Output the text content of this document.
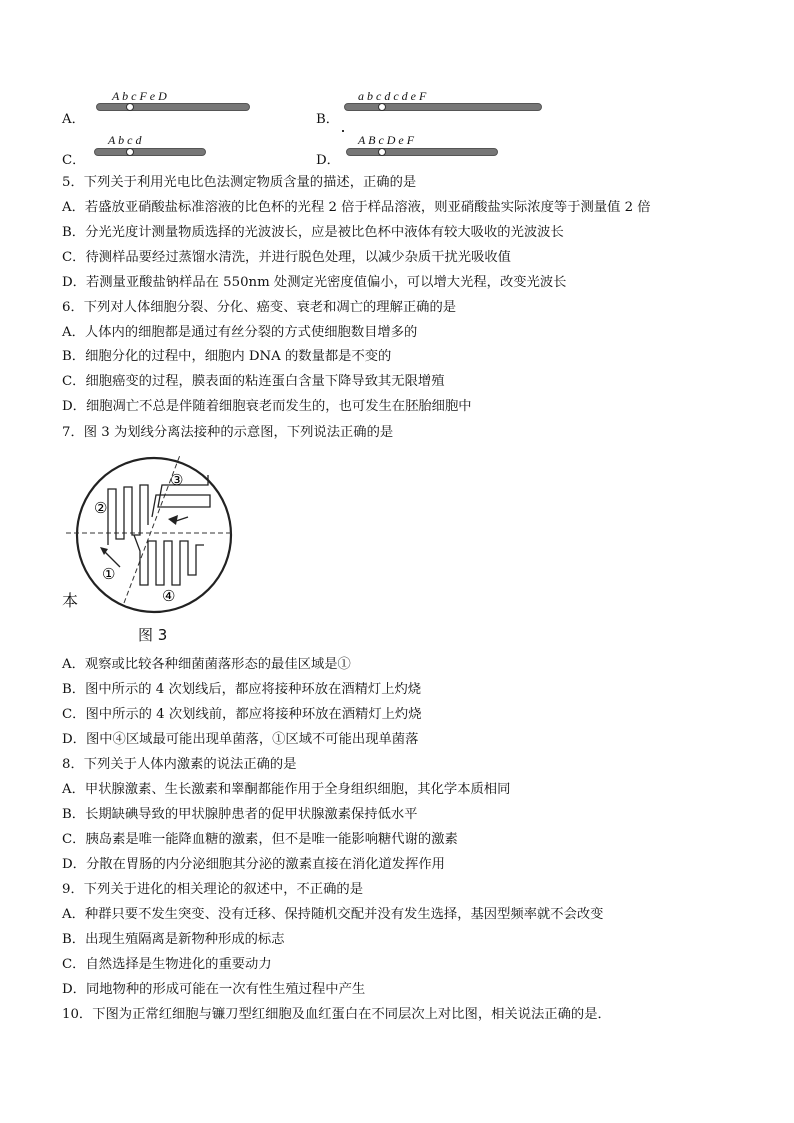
A．
A b c F e D
B．
a b c d c d e F
C．
A b c d
D．
A B c D e F
5．下列关于利用光电比色法测定物质含量的描述，正确的是
A．若盛放亚硝酸盐标准溶液的比色杯的光程 2 倍于样品溶液，则亚硝酸盐实际浓度等于测量值 2 倍
B．分光光度计测量物质选择的光波波长，应是被比色杯中液体有较大吸收的光波波长
C．待测样品要经过蒸馏水清洗，并进行脱色处理，以减少杂质干扰光吸收值
D．若测量亚酸盐钠样品在 550nm 处测定光密度值偏小，可以增大光程，改变光波长
6．下列对人体细胞分裂、分化、癌变、衰老和凋亡的理解正确的是
A．人体内的细胞都是通过有丝分裂的方式使细胞数目增多的
B．细胞分化的过程中，细胞内 DNA 的数量都是不变的
C．细胞癌变的过程，膜表面的粘连蛋白含量下降导致其无限增殖
D．细胞凋亡不总是伴随着细胞衰老而发生的，也可发生在胚胎细胞中
7．图 3 为划线分离法接种的示意图，下列说法正确的是
②
①
③
④
本
图 3
A．观察或比较各种细菌菌落形态的最佳区域是①
B．图中所示的 4 次划线后，都应将接种环放在酒精灯上灼烧
C．图中所示的 4 次划线前，都应将接种环放在酒精灯上灼烧
D．图中④区域最可能出现单菌落，①区域不可能出现单菌落
8．下列关于人体内激素的说法正确的是
A．甲状腺激素、生长激素和睾酮都能作用于全身组织细胞，其化学本质相同
B．长期缺碘导致的甲状腺肿患者的促甲状腺激素保持低水平
C．胰岛素是唯一能降血糖的激素，但不是唯一能影响糖代谢的激素
D．分散在胃肠的内分泌细胞其分泌的激素直接在消化道发挥作用
9．下列关于进化的相关理论的叙述中，不正确的是
A．种群只要不发生突变、没有迁移、保持随机交配并没有发生选择，基因型频率就不会改变
B．出现生殖隔离是新物种形成的标志
C．自然选择是生物进化的重要动力
D．同地物种的形成可能在一次有性生殖过程中产生
10．下图为正常红细胞与镰刀型红细胞及血红蛋白在不同层次上对比图，相关说法正确的是．
